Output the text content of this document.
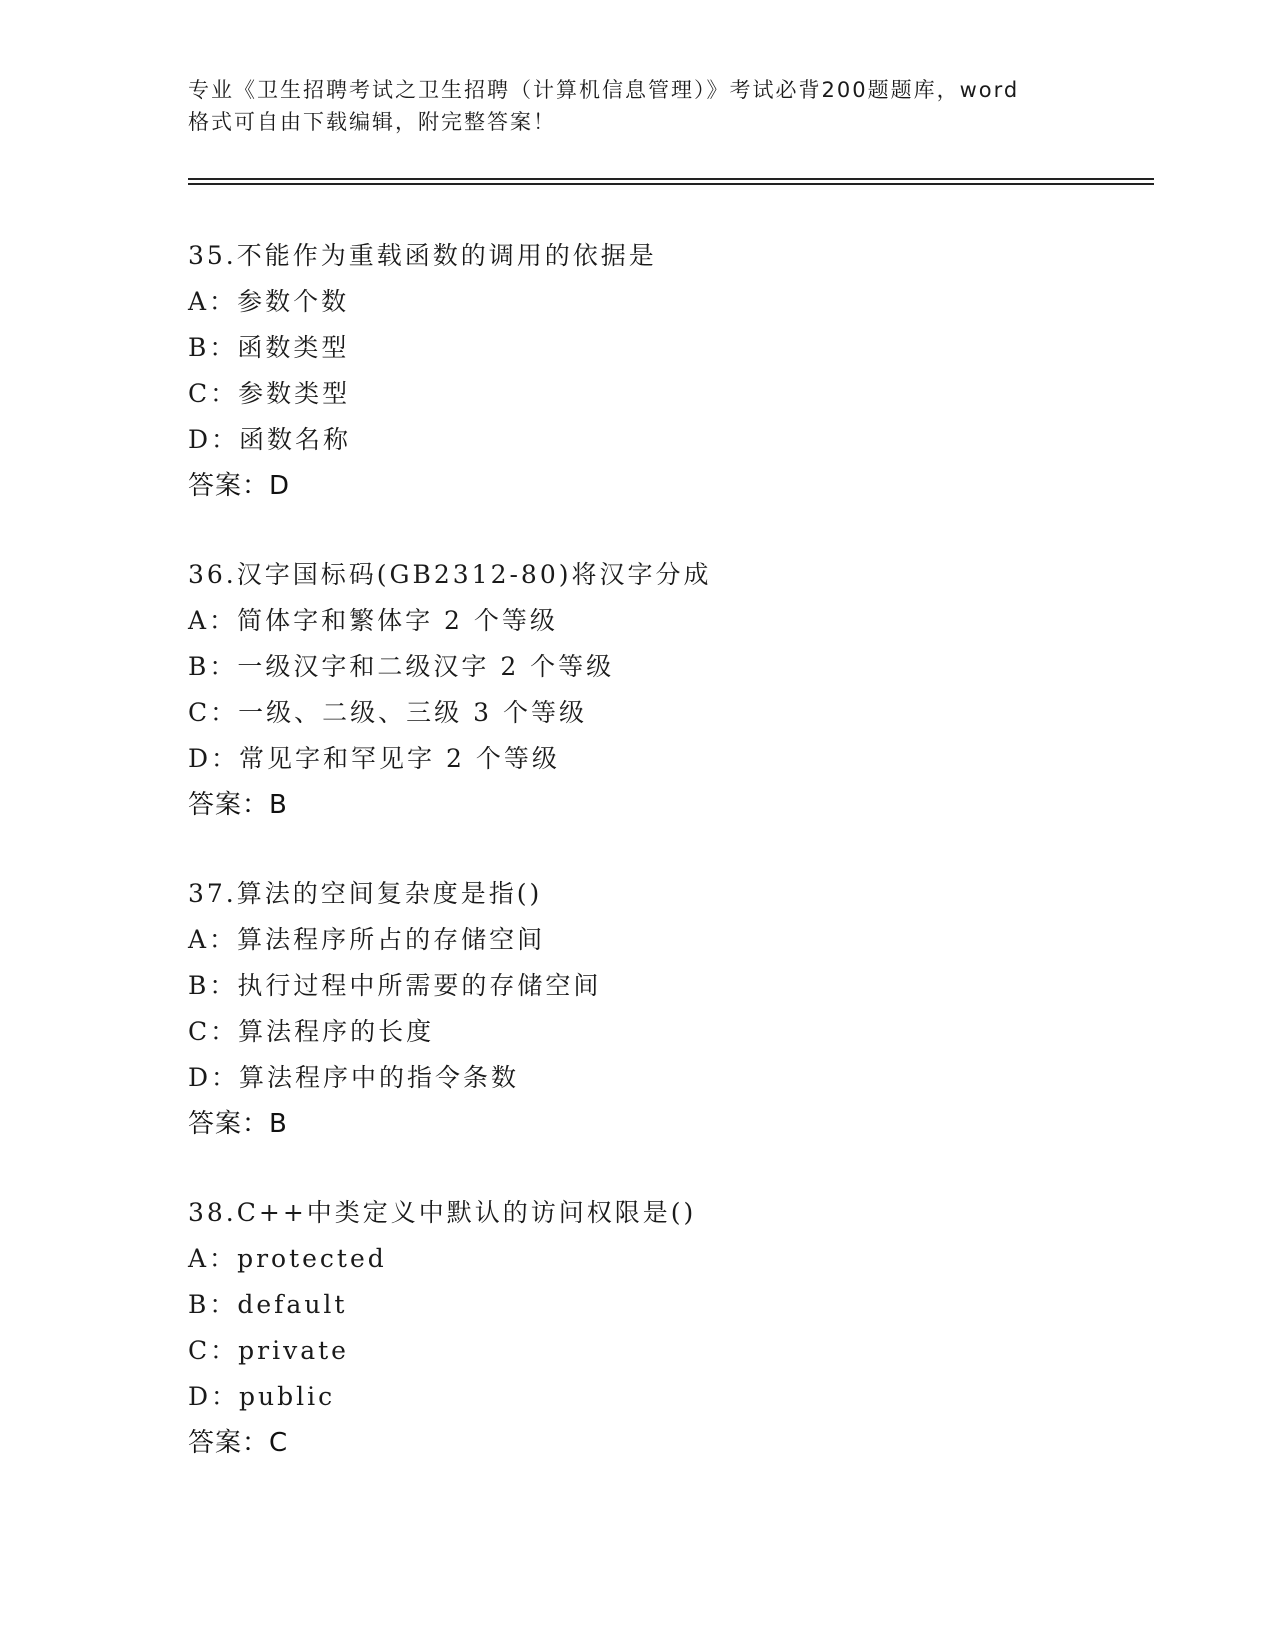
专业《卫生招聘考试之卫生招聘（计算机信息管理）》考试必背200题题库，word
格式可自由下载编辑，附完整答案！
35.不能作为重载函数的调用的依据是
A：参数个数
B：函数类型
C：参数类型
D：函数名称
答案：D
36.汉字国标码(GB2312-80)将汉字分成
A：简体字和繁体字 2 个等级
B：一级汉字和二级汉字 2 个等级
C：一级、二级、三级 3 个等级
D：常见字和罕见字 2 个等级
答案：B
37.算法的空间复杂度是指()
A：算法程序所占的存储空间
B：执行过程中所需要的存储空间
C：算法程序的长度
D：算法程序中的指令条数
答案：B
38.C++中类定义中默认的访问权限是()
A：protected
B：default
C：private
D：public
答案：C
